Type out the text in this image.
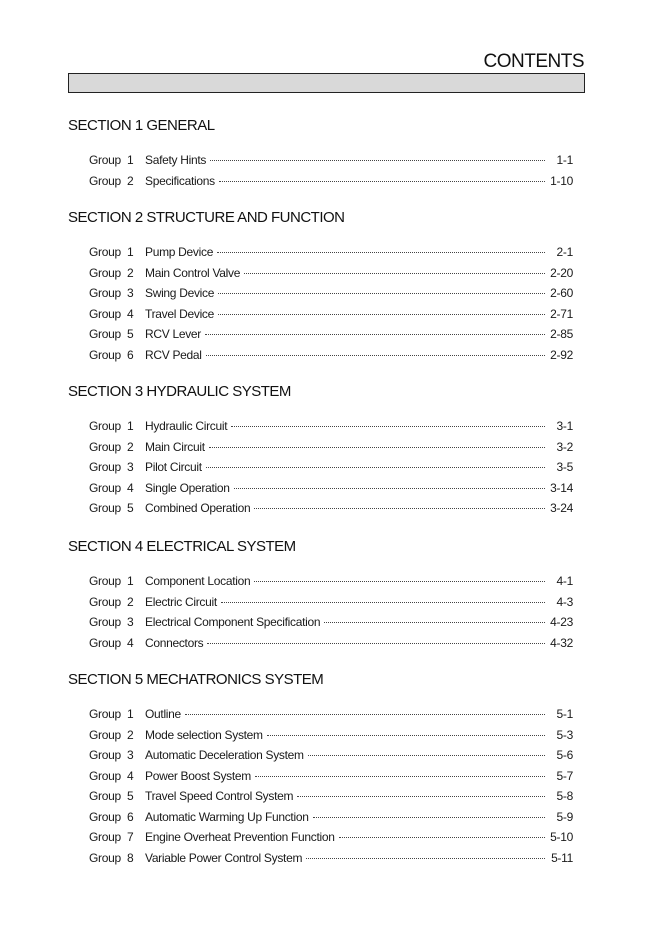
CONTENTS
SECTION 1 GENERAL
Group 1 Safety Hints	1-1
Group 2 Specifications	1-10
SECTION 2 STRUCTURE AND FUNCTION
Group 1 Pump Device	2-1
Group 2 Main Control Valve	2-20
Group 3 Swing Device	2-60
Group 4 Travel Device	2-71
Group 5 RCV Lever	2-85
Group 6 RCV Pedal	2-92
SECTION 3 HYDRAULIC SYSTEM
Group 1 Hydraulic Circuit	3-1
Group 2 Main Circuit	3-2
Group 3 Pilot Circuit	3-5
Group 4 Single Operation	3-14
Group 5 Combined Operation	3-24
SECTION 4 ELECTRICAL SYSTEM
Group 1 Component Location	4-1
Group 2 Electric Circuit	4-3
Group 3 Electrical Component Specification	4-23
Group 4 Connectors	4-32
SECTION 5 MECHATRONICS SYSTEM
Group 1 Outline	5-1
Group 2 Mode selection System	5-3
Group 3 Automatic Deceleration System	5-6
Group 4 Power Boost System	5-7
Group 5 Travel Speed Control System	5-8
Group 6 Automatic Warming Up Function	5-9
Group 7 Engine Overheat Prevention Function	5-10
Group 8 Variable Power Control System	5-11
